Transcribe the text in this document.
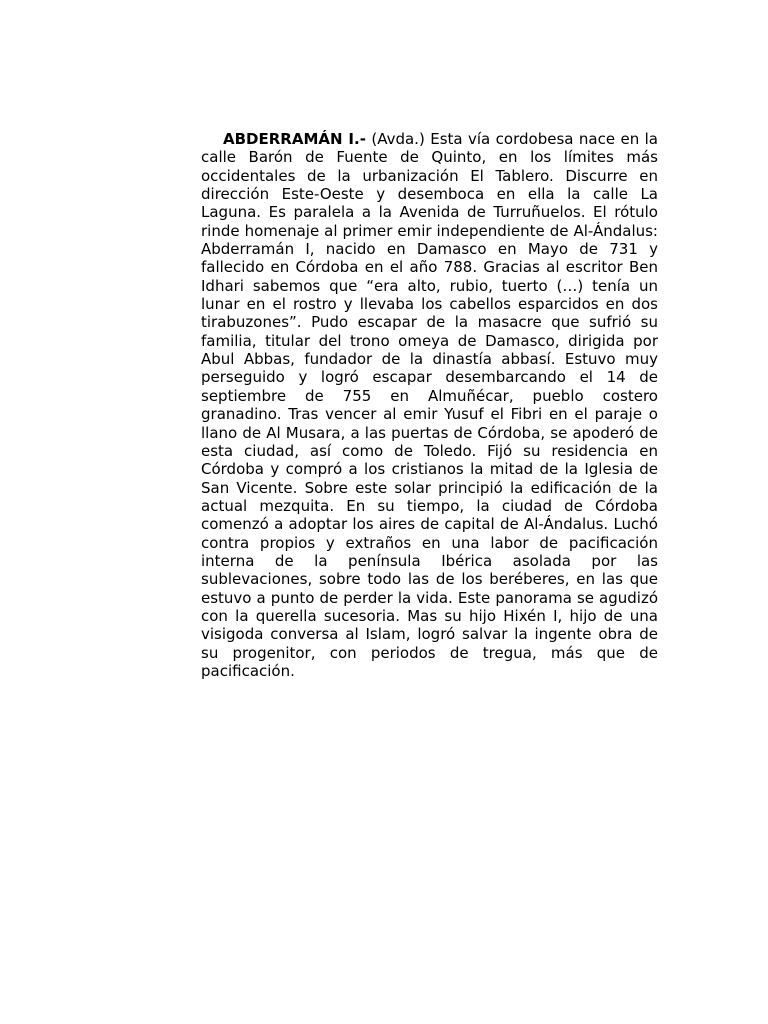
ABDERRAMÁN I.- (Avda.) Esta vía cordobesa nace en la calle Barón de Fuente de Quinto, en los límites más occidentales de la urbanización El Tablero. Discurre en dirección Este-Oeste y desemboca en ella la calle La Laguna. Es paralela a la Avenida de Turruñuelos. El rótulo rinde homenaje al primer emir independiente de Al-Ándalus: Abderramán I, nacido en Damasco en Mayo de 731 y fallecido en Córdoba en el año 788. Gracias al escritor Ben Idhari sabemos que “era alto, rubio, tuerto (…) tenía un lunar en el rostro y llevaba los cabellos esparcidos en dos tirabuzones”. Pudo escapar de la masacre que sufrió su familia, titular del trono omeya de Damasco, dirigida por Abul Abbas, fundador de la dinastía abbasí. Estuvo muy perseguido y logró escapar desembarcando el 14 de septiembre de 755 en Almuñécar, pueblo costero granadino. Tras vencer al emir Yusuf el Fibri en el paraje o llano de Al Musara, a las puertas de Córdoba, se apoderó de esta ciudad, así como de Toledo. Fijó su residencia en Córdoba y compró a los cristianos la mitad de la Iglesia de San Vicente. Sobre este solar principió la edificación de la actual mezquita. En su tiempo, la ciudad de Córdoba comenzó a adoptar los aires de capital de Al-Ándalus. Luchó contra propios y extraños en una labor de pacificación interna de la península Ibérica asolada por las sublevaciones, sobre todo las de los beréberes, en las que estuvo a punto de perder la vida. Este panorama se agudizó con la querella sucesoria. Mas su hijo Hixén I, hijo de una visigoda conversa al Islam, logró salvar la ingente obra de su progenitor, con periodos de tregua, más que de pacificación.
